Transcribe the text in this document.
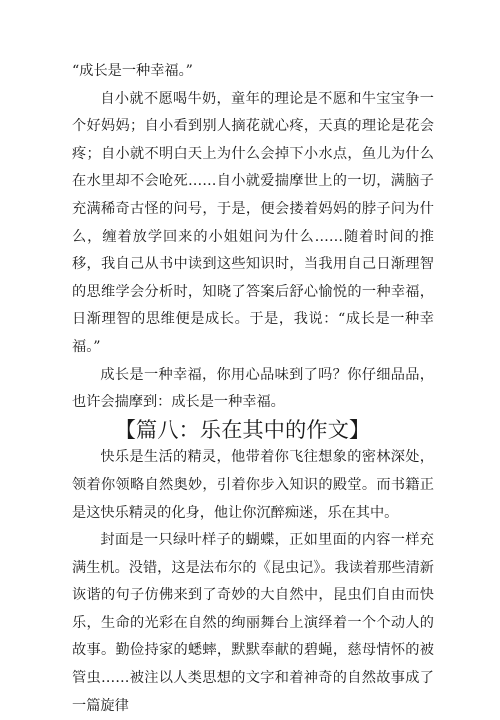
“成长是一种幸福。”

自小就不愿喝牛奶，童年的理论是不愿和牛宝宝争一个好妈妈；自小看到别人摘花就心疼，天真的理论是花会疼；自小就不明白天上为什么会掉下小水点，鱼儿为什么在水里却不会呛死……自小就爱揣摩世上的一切，满脑子充满稀奇古怪的问号，于是，便会搂着妈妈的脖子问为什么，缠着放学回来的小姐姐问为什么……随着时间的推移，我自己从书中读到这些知识时，当我用自己日渐理智的思维学会分析时，知晓了答案后舒心愉悦的一种幸福，日渐理智的思维便是成长。于是，我说：“成长是一种幸福。”

成长是一种幸福，你用心品味到了吗？你仔细品品，也许会揣摩到：成长是一种幸福。

【篇八：乐在其中的作文】

快乐是生活的精灵，他带着你飞往想象的密林深处，领着你领略自然奥妙，引着你步入知识的殿堂。而书籍正是这快乐精灵的化身，他让你沉醉痴迷，乐在其中。

封面是一只绿叶样子的蝴蝶，正如里面的内容一样充满生机。没错，这是法布尔的《昆虫记》。我读着那些清新诙谐的句子仿佛来到了奇妙的大自然中，昆虫们自由而快乐，生命的光彩在自然的绚丽舞台上演绎着一个个动人的故事。勤俭持家的蟋蟀，默默奉献的碧蝇，慈母情怀的被管虫……被注以人类思想的文字和着神奇的自然故事成了一篇旋律
